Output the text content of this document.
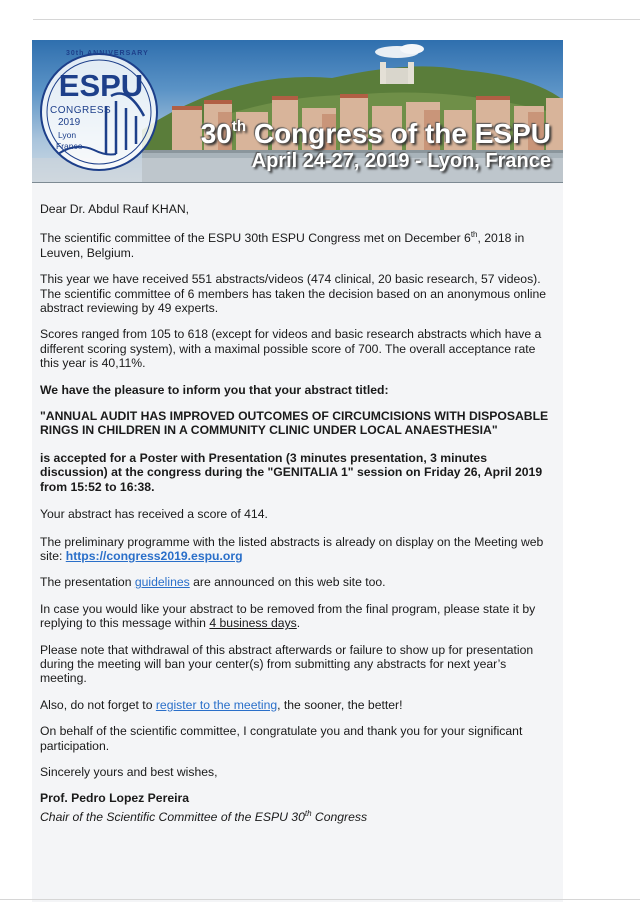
30th ANNIVERSARY
ESPU
CONGRESS
2019
Lyon
France	30th Congress of the ESPU
April 24-27, 2019 - Lyon, France

Dear Dr. Abdul Rauf KHAN,

The scientific committee of the ESPU 30th ESPU Congress met on December 6th, 2018 in Leuven, Belgium.

This year we have received 551 abstracts/videos (474 clinical, 20 basic research, 57 videos). The scientific committee of 6 members has taken the decision based on an anonymous online abstract reviewing by 49 experts.

Scores ranged from 105 to 618 (except for videos and basic research abstracts which have a different scoring system), with a maximal possible score of 700. The overall acceptance rate this year is 40,11%.

We have the pleasure to inform you that your abstract titled:

"ANNUAL AUDIT HAS IMPROVED OUTCOMES OF CIRCUMCISIONS WITH DISPOSABLE RINGS IN CHILDREN IN A COMMUNITY CLINIC UNDER LOCAL ANAESTHESIA"

is accepted for a Poster with Presentation (3 minutes presentation, 3 minutes discussion) at the congress during the "GENITALIA 1" session on Friday 26, April 2019 from 15:52 to 16:38.

Your abstract has received a score of 414.

The preliminary programme with the listed abstracts is already on display on the Meeting web site: https://congress2019.espu.org

The presentation guidelines are announced on this web site too.

In case you would like your abstract to be removed from the final program, please state it by replying to this message within 4 business days.

Please note that withdrawal of this abstract afterwards or failure to show up for presentation during the meeting will ban your center(s) from submitting any abstracts for next year’s meeting.

Also, do not forget to register to the meeting, the sooner, the better!

On behalf of the scientific committee, I congratulate you and thank you for your significant participation.

Sincerely yours and best wishes,

Prof. Pedro Lopez Pereira

Chair of the Scientific Committee of the ESPU 30th Congress
